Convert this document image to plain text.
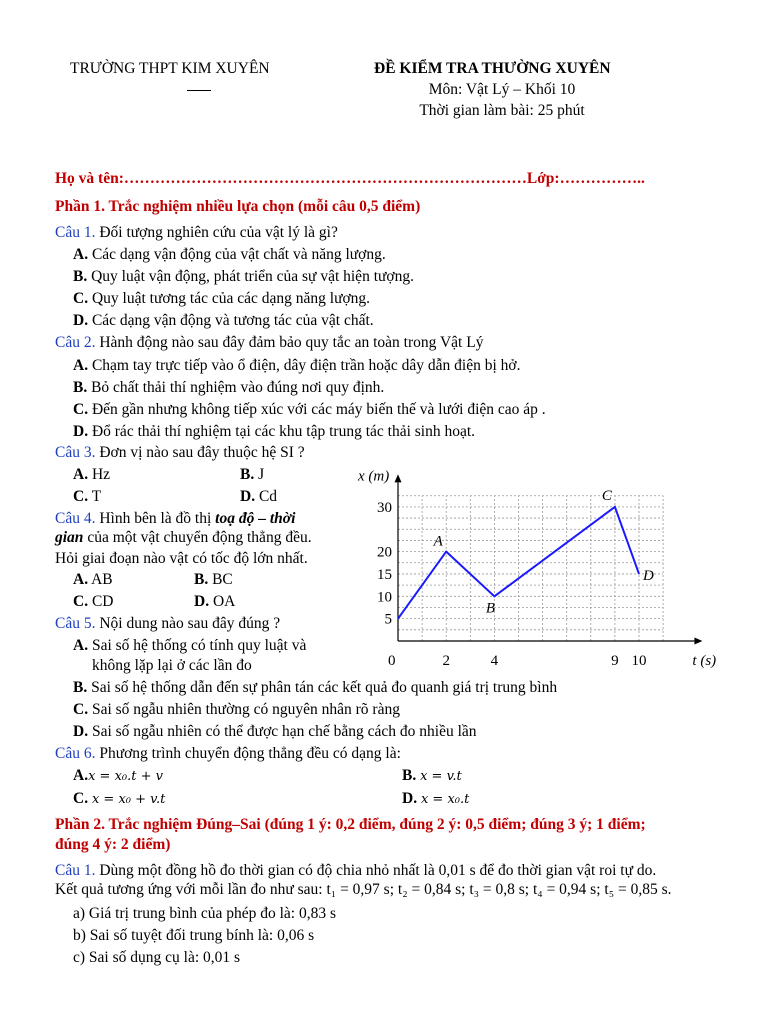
TRƯỜNG THPT KIM XUYÊN	ĐỀ KIỂM TRA THƯỜNG XUYÊN
Môn: Vật Lý – Khối 10
Thời gian làm bài: 25 phút
Họ và tên:……………………………………………………………………Lớp:……………..
Phần 1. Trắc nghiệm nhiều lựa chọn (mỗi câu 0,5 điểm)
Câu 1. Đối tượng nghiên cứu của vật lý là gì?
A. Các dạng vận động của vật chất và năng lượng.
B. Quy luật vận động, phát triển của sự vật hiện tượng.
C. Quy luật tương tác của các dạng năng lượng.
D. Các dạng vận động và tương tác của vật chất.
Câu 2. Hành động nào sau đây đảm bảo quy tắc an toàn trong Vật Lý
A. Chạm tay trực tiếp vào ổ điện, dây điện trần hoặc dây dẫn điện bị hở.
B. Bỏ chất thải thí nghiệm vào đúng nơi quy định.
C. Đến gần nhưng không tiếp xúc với các máy biến thế và lưới điện cao áp .
D. Đổ rác thải thí nghiệm tại các khu tập trung tác thải sinh hoạt.
Câu 3. Đơn vị nào sau đây thuộc hệ SI ?
A. Hz	B. J
C. T	D. Cd
Câu 4. Hình bên là đồ thị toạ độ – thời
gian của một vật chuyển động thẳng đều.
Hỏi giai đoạn nào vật có tốc độ lớn nhất.
A. AB	B. BC
C. CD	D. OA
Câu 5. Nội dung nào sau đây đúng ?
A. Sai số hệ thống có tính quy luật và
không lặp lại ở các lần đo
B. Sai số hệ thống dẫn đến sự phân tán các kết quả đo quanh giá trị trung bình
C. Sai số ngẫu nhiên thường có nguyên nhân rõ ràng
D. Sai số ngẫu nhiên có thể được hạn chế bằng cách đo nhiều lần
Câu 6. Phương trình chuyển động thẳng đều có dạng là:
A.x = x₀.t + v	B. x = v.t
C. x = x₀ + v.t	D. x = x₀.t
Phần 2. Trắc nghiệm Đúng–Sai (đúng 1 ý: 0,2 điểm, đúng 2 ý: 0,5 điểm; đúng 3 ý; 1 điểm;
đúng 4 ý: 2 điểm)
Câu 1. Dùng một đồng hồ đo thời gian có độ chia nhỏ nhất là 0,01 s để đo thời gian vật roi tự do.
Kết quả tương ứng với mỗi lần đo như sau: t₁ = 0,97 s; t₂ = 0,84 s; t₃ = 0,8 s; t₄ = 0,94 s; t₅ = 0,85 s.
a) Giá trị trung bình của phép đo là: 0,83 s
b) Sai số tuyệt đối trung bính là: 0,06 s
c) Sai số dụng cụ là: 0,01 s
x (m)
t (s)
0	2	4	9 10
5
10
15
20
30
A
B
C
D
